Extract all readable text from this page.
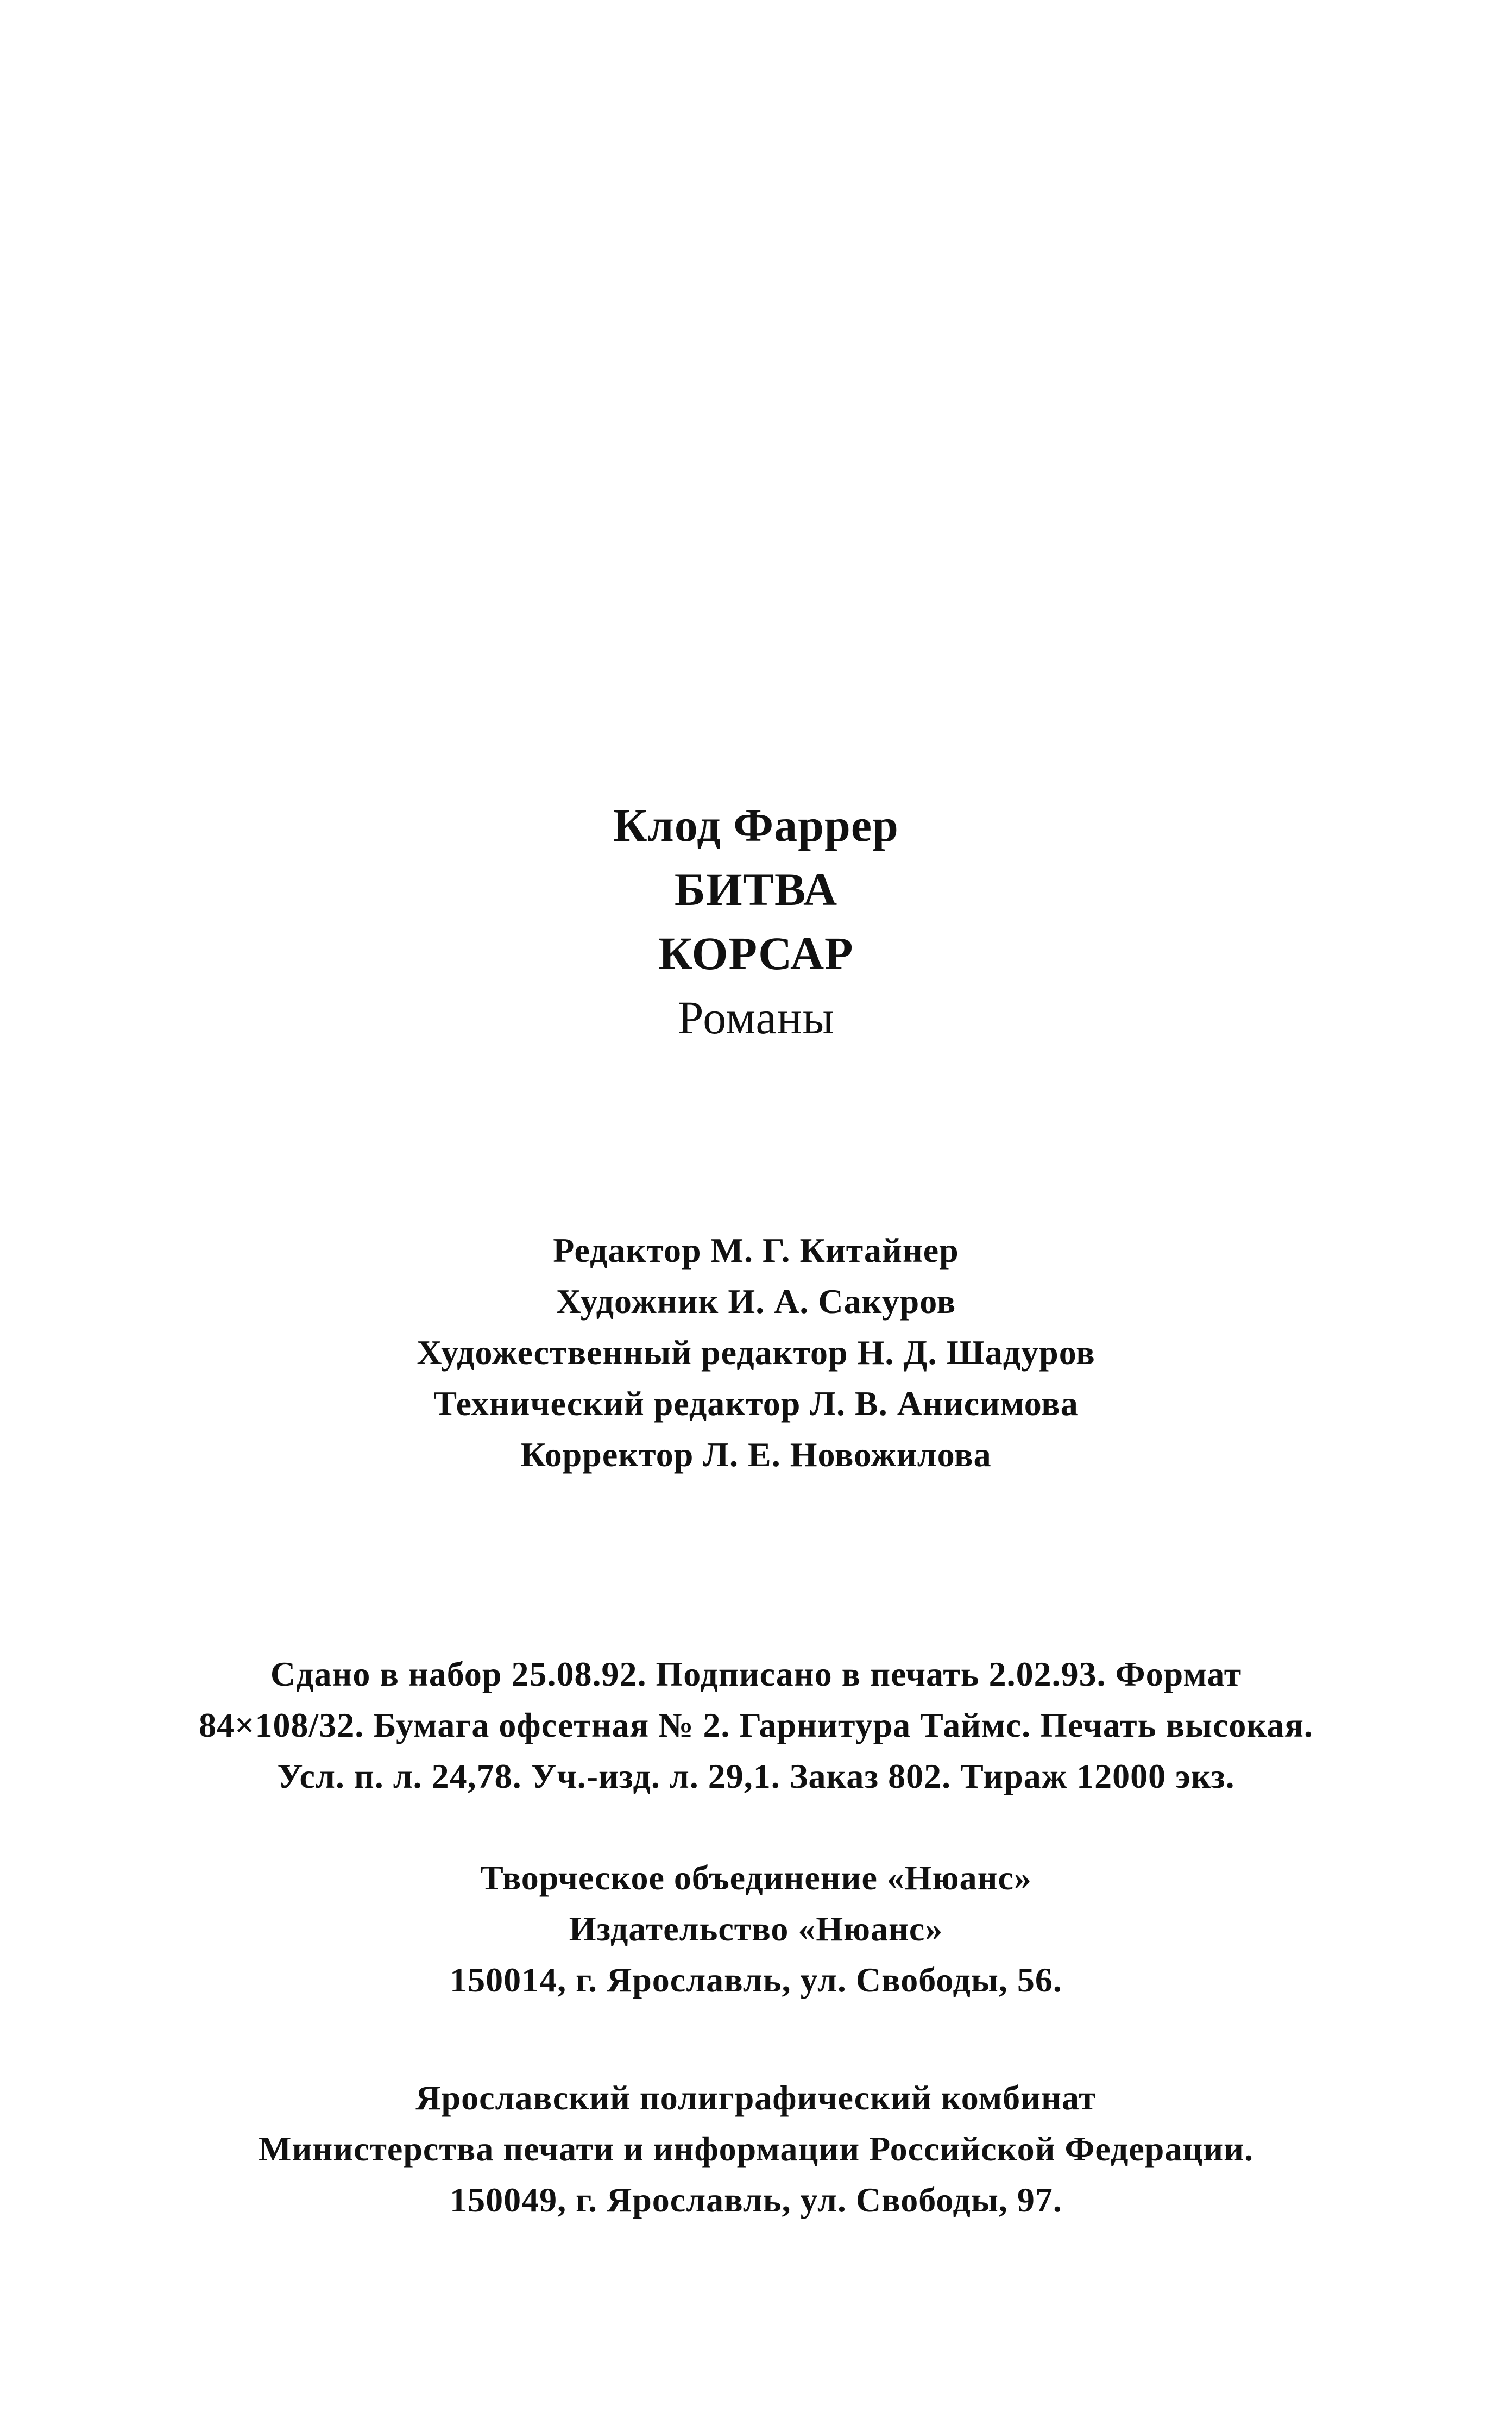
Клод Фаррер
БИТВА
КОРСАР
Романы
Редактор М. Г. Китайнер
Художник И. А. Сакуров
Художественный редактор Н. Д. Шадуров
Технический редактор Л. В. Анисимова
Корректор Л. Е. Новожилова
Сдано в набор 25.08.92. Подписано в печать 2.02.93. Формат
84×108/32. Бумага офсетная № 2. Гарнитура Таймс. Печать высокая.
Усл. п. л. 24,78. Уч.-изд. л. 29,1. Заказ 802. Тираж 12000 экз.
Творческое объединение «Нюанс»
Издательство «Нюанс»
150014, г. Ярославль, ул. Свободы, 56.
Ярославский полиграфический комбинат
Министерства печати и информации Российской Федерации.
150049, г. Ярославль, ул. Свободы, 97.
